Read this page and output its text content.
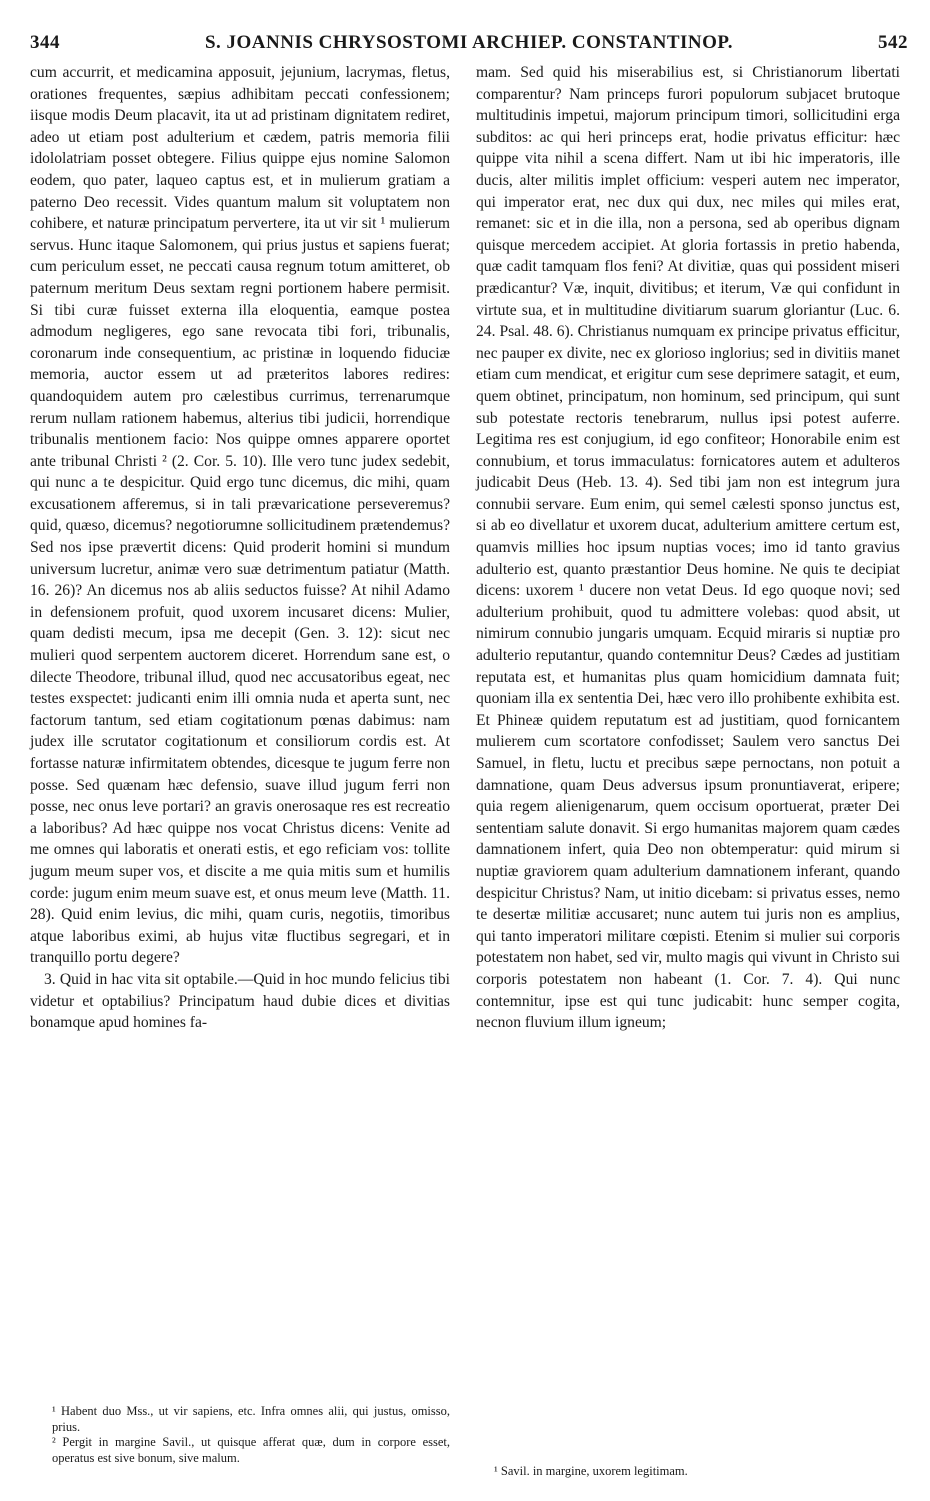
344	S. JOANNIS CHRYSOSTOMI ARCHIEP. CONSTANTINOP.	542

cum accurrit, et medicamina apposuit, jejunium, lacrymas, fletus, orationes frequentes, sæpius adhibitam peccati confessionem; iisque modis Deum placavit, ita ut ad pristinam dignitatem rediret, adeo ut etiam post adulterium et cædem, patris memoria filii idololatriam posset obtegere. Filius quippe ejus nomine Salomon eodem, quo pater, laqueo captus est, et in mulierum gratiam a paterno Deo recessit. Vides quantum malum sit voluptatem non cohibere, et naturæ principatum pervertere, ita ut vir sit ¹ mulierum servus. Hunc itaque Salomonem, qui prius justus et sapiens fuerat; cum periculum esset, ne peccati causa regnum totum amitteret, ob paternum meritum Deus sextam regni portionem habere permisit. Si tibi curæ fuisset externa illa eloquentia, eamque postea admodum negligeres, ego sane revocata tibi fori, tribunalis, coronarum inde consequentium, ac pristinæ in loquendo fiduciæ memoria, auctor essem ut ad præteritos labores redires: quandoquidem autem pro cælestibus currimus, terrenarumque rerum nullam rationem habemus, alterius tibi judicii, horrendique tribunalis mentionem facio: Nos quippe omnes apparere oportet ante tribunal Christi ² (2. Cor. 5. 10). Ille vero tunc judex sedebit, qui nunc a te despicitur. Quid ergo tunc dicemus, dic mihi, quam excusationem afferemus, si in tali prævaricatione perseveremus? quid, quæso, dicemus? negotiorumne sollicitudinem prætendemus? Sed nos ipse prævertit dicens: Quid proderit homini si mundum universum lucretur, animæ vero suæ detrimentum patiatur (Matth. 16. 26)? An dicemus nos ab aliis seductos fuisse? At nihil Adamo in defensionem profuit, quod uxorem incusaret dicens: Mulier, quam dedisti mecum, ipsa me decepit (Gen. 3. 12): sicut nec mulieri quod serpentem auctorem diceret. Horrendum sane est, o dilecte Theodore, tribunal illud, quod nec accusatoribus egeat, nec testes exspectet: judicanti enim illi omnia nuda et aperta sunt, nec factorum tantum, sed etiam cogitationum pœnas dabimus: nam judex ille scrutator cogitationum et consiliorum cordis est. At fortasse naturæ infirmitatem obtendes, dicesque te jugum ferre non posse. Sed quænam hæc defensio, suave illud jugum ferri non posse, nec onus leve portari? an gravis onerosaque res est recreatio a laboribus? Ad hæc quippe nos vocat Christus dicens: Venite ad me omnes qui laboratis et onerati estis, et ego reficiam vos: tollite jugum meum super vos, et discite a me quia mitis sum et humilis corde: jugum enim meum suave est, et onus meum leve (Matth. 11. 28). Quid enim levius, dic mihi, quam curis, negotiis, timoribus atque laboribus eximi, ab hujus vitæ fluctibus segregari, et in tranquillo portu degere?

3. Quid in hac vita sit optabile.—Quid in hoc mundo felicius tibi videtur et optabilius? Principatum haud dubie dices et divitias bonamque apud homines fa-

mam. Sed quid his miserabilius est, si Christianorum libertati comparentur? Nam princeps furori populorum subjacet brutoque multitudinis impetui, majorum principum timori, sollicitudini erga subditos: ac qui heri princeps erat, hodie privatus efficitur: hæc quippe vita nihil a scena differt. Nam ut ibi hic imperatoris, ille ducis, alter militis implet officium: vesperi autem nec imperator, qui imperator erat, nec dux qui dux, nec miles qui miles erat, remanet: sic et in die illa, non a persona, sed ab operibus dignam quisque mercedem accipiet. At gloria fortassis in pretio habenda, quæ cadit tamquam flos feni? At divitiæ, quas qui possident miseri prædicantur? Væ, inquit, divitibus; et iterum, Væ qui confidunt in virtute sua, et in multitudine divitiarum suarum gloriantur (Luc. 6. 24. Psal. 48. 6). Christianus numquam ex principe privatus efficitur, nec pauper ex divite, nec ex glorioso inglorius; sed in divitiis manet etiam cum mendicat, et erigitur cum sese deprimere satagit, et eum, quem obtinet, principatum, non hominum, sed principum, qui sunt sub potestate rectoris tenebrarum, nullus ipsi potest auferre. Legitima res est conjugium, id ego confiteor; Honorabile enim est connubium, et torus immaculatus: fornicatores autem et adulteros judicabit Deus (Heb. 13. 4). Sed tibi jam non est integrum jura connubii servare. Eum enim, qui semel cælesti sponso junctus est, si ab eo divellatur et uxorem ducat, adulterium amittere certum est, quamvis millies hoc ipsum nuptias voces; imo id tanto gravius adulterio est, quanto præstantior Deus homine. Ne quis te decipiat dicens: uxorem ¹ ducere non vetat Deus. Id ego quoque novi; sed adulterium prohibuit, quod tu admittere volebas: quod absit, ut nimirum connubio jungaris umquam. Ecquid miraris si nuptiæ pro adulterio reputantur, quando contemnitur Deus? Cædes ad justitiam reputata est, et humanitas plus quam homicidium damnata fuit; quoniam illa ex sententia Dei, hæc vero illo prohibente exhibita est. Et Phineæ quidem reputatum est ad justitiam, quod fornicantem mulierem cum scortatore confodisset; Saulem vero sanctus Dei Samuel, in fletu, luctu et precibus sæpe pernoctans, non potuit a damnatione, quam Deus adversus ipsum pronuntiaverat, eripere; quia regem alienigenarum, quem occisum oportuerat, præter Dei sententiam salute donavit. Si ergo humanitas majorem quam cædes damnationem infert, quia Deo non obtemperatur: quid mirum si nuptiæ graviorem quam adulterium damnationem inferant, quando despicitur Christus? Nam, ut initio dicebam: si privatus esses, nemo te desertæ militiæ accusaret; nunc autem tui juris non es amplius, qui tanto imperatori militare cœpisti. Etenim si mulier sui corporis potestatem non habet, sed vir, multo magis qui vivunt in Christo sui corporis potestatem non habeant (1. Cor. 7. 4). Qui nunc contemnitur, ipse est qui tunc judicabit: hunc semper cogita, necnon fluvium illum igneum;

¹ Habent duo Mss., ut vir sapiens, etc. Infra omnes alii, qui justus, omisso, prius.
² Pergit in margine Savil., ut quisque afferat quæ, dum in corpore esset, operatus est sive bonum, sive malum.
¹ Savil. in margine, uxorem legitimam.
